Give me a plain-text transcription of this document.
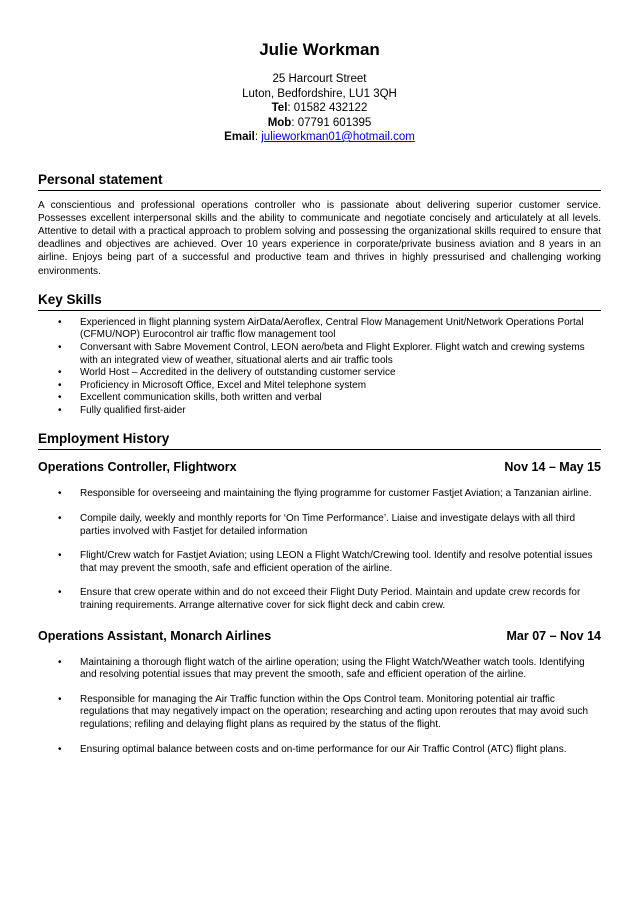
Julie Workman
25 Harcourt Street
Luton, Bedfordshire, LU1 3QH
Tel: 01582 432122
Mob: 07791 601395
Email: julieworkman01@hotmail.com
Personal statement
A conscientious and professional operations controller who is passionate about delivering superior customer service. Possesses excellent interpersonal skills and the ability to communicate and negotiate concisely and articulately at all levels. Attentive to detail with a practical approach to problem solving and possessing the organizational skills required to ensure that deadlines and objectives are achieved. Over 10 years experience in corporate/private business aviation and 8 years in an airline. Enjoys being part of a successful and productive team and thrives in highly pressurised and challenging working environments.
Key Skills
• Experienced in flight planning system AirData/Aeroflex, Central Flow Management Unit/Network Operations Portal (CFMU/NOP) Eurocontrol air traffic flow management tool
• Conversant with Sabre Movement Control, LEON aero/beta and Flight Explorer. Flight watch and crewing systems with an integrated view of weather, situational alerts and air traffic tools
• World Host – Accredited in the delivery of outstanding customer service
• Proficiency in Microsoft Office, Excel and Mitel telephone system
• Excellent communication skills, both written and verbal
• Fully qualified first-aider
Employment History
Operations Controller, Flightworx	Nov 14 – May 15
• Responsible for overseeing and maintaining the flying programme for customer Fastjet Aviation; a Tanzanian airline.
• Compile daily, weekly and monthly reports for ‘On Time Performance’. Liaise and investigate delays with all third parties involved with Fastjet for detailed information
• Flight/Crew watch for Fastjet Aviation; using LEON a Flight Watch/Crewing tool. Identify and resolve potential issues that may prevent the smooth, safe and efficient operation of the airline.
• Ensure that crew operate within and do not exceed their Flight Duty Period. Maintain and update crew records for training requirements. Arrange alternative cover for sick flight deck and cabin crew.
Operations Assistant, Monarch Airlines	Mar 07 – Nov 14
• Maintaining a thorough flight watch of the airline operation; using the Flight Watch/Weather watch tools. Identifying and resolving potential issues that may prevent the smooth, safe and efficient operation of the airline.
• Responsible for managing the Air Traffic function within the Ops Control team. Monitoring potential air traffic regulations that may negatively impact on the operation; researching and acting upon reroutes that may avoid such regulations; refiling and delaying flight plans as required by the status of the flight.
• Ensuring optimal balance between costs and on-time performance for our Air Traffic Control (ATC) flight plans.
